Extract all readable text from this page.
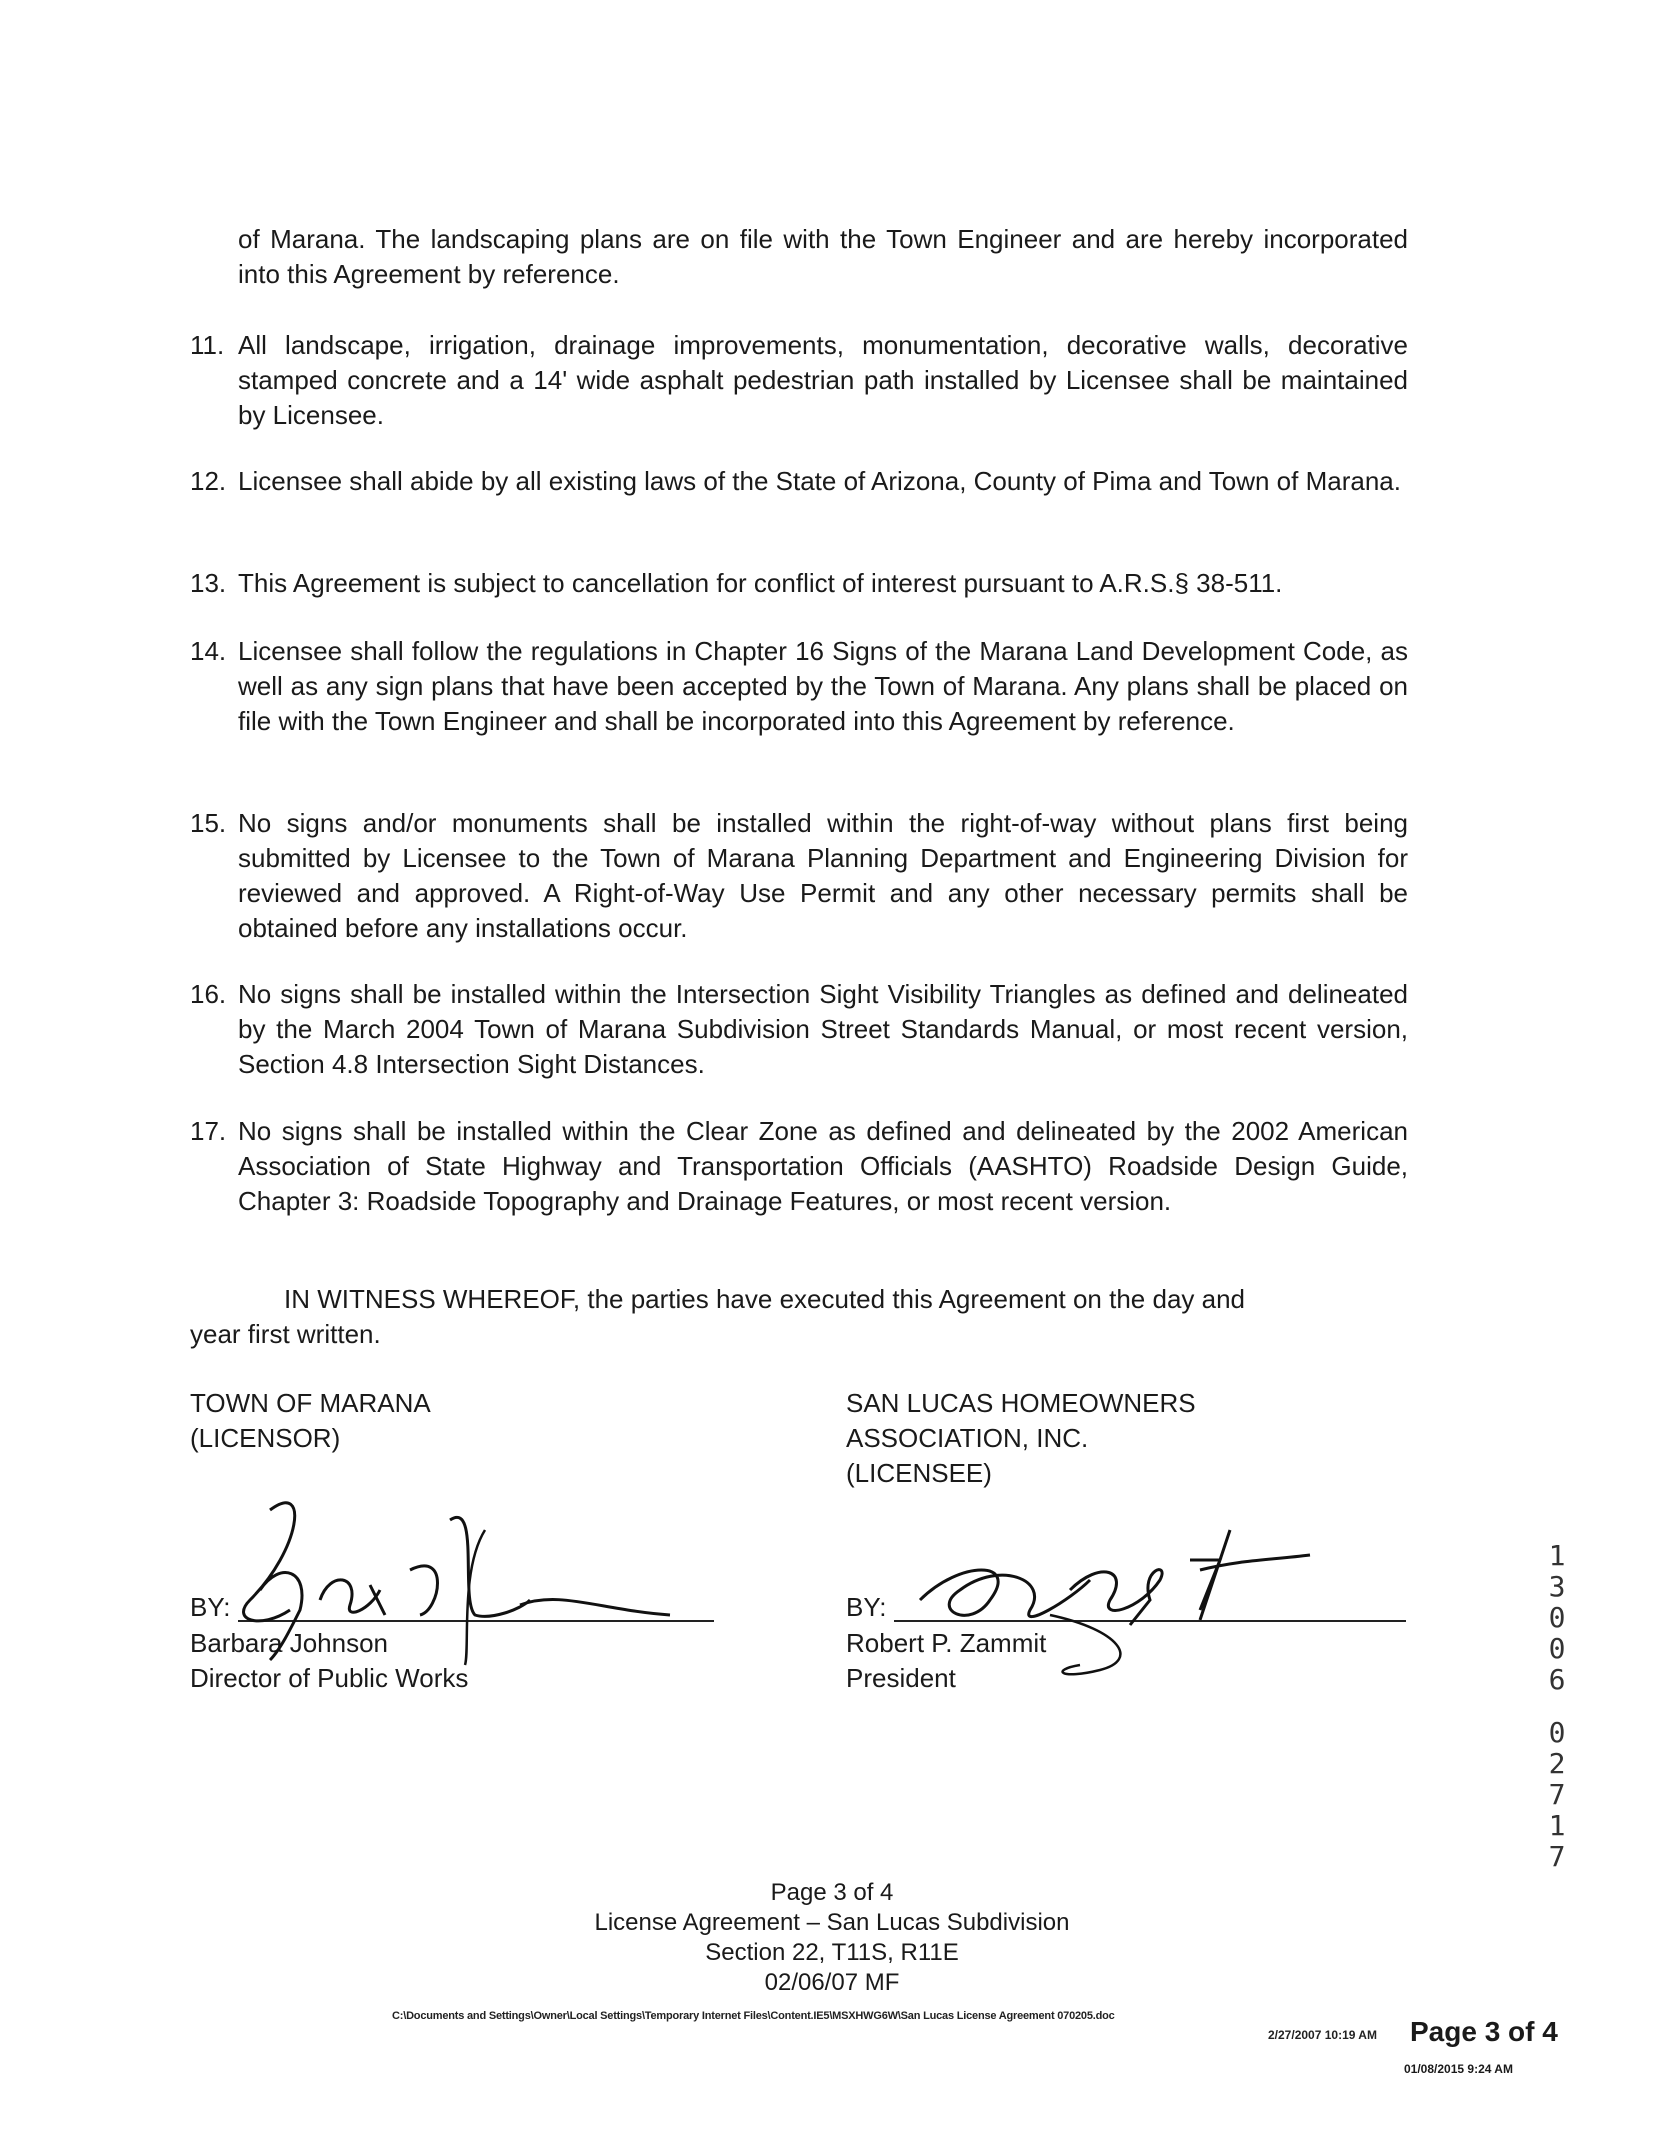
of Marana. The landscaping plans are on file with the Town Engineer and are hereby incorporated into this Agreement by reference.
11. All landscape, irrigation, drainage improvements, monumentation, decorative walls, decorative stamped concrete and a 14' wide asphalt pedestrian path installed by Licensee shall be maintained by Licensee.
12. Licensee shall abide by all existing laws of the State of Arizona, County of Pima and Town of Marana.
13. This Agreement is subject to cancellation for conflict of interest pursuant to A.R.S.§ 38-511.
14. Licensee shall follow the regulations in Chapter 16 Signs of the Marana Land Development Code, as well as any sign plans that have been accepted by the Town of Marana. Any plans shall be placed on file with the Town Engineer and shall be incorporated into this Agreement by reference.
15. No signs and/or monuments shall be installed within the right-of-way without plans first being submitted by Licensee to the Town of Marana Planning Department and Engineering Division for reviewed and approved. A Right-of-Way Use Permit and any other necessary permits shall be obtained before any installations occur.
16. No signs shall be installed within the Intersection Sight Visibility Triangles as defined and delineated by the March 2004 Town of Marana Subdivision Street Standards Manual, or most recent version, Section 4.8 Intersection Sight Distances.
17. No signs shall be installed within the Clear Zone as defined and delineated by the 2002 American Association of State Highway and Transportation Officials (AASHTO) Roadside Design Guide, Chapter 3: Roadside Topography and Drainage Features, or most recent version.
IN WITNESS WHEREOF, the parties have executed this Agreement on the day and
year first written.
TOWN OF MARANA
(LICENSOR)
BY:
Barbara Johnson
Director of Public Works
SAN LUCAS HOMEOWNERS
ASSOCIATION, INC.
(LICENSEE)
BY:
Robert P. Zammit
President
1
3
0
0
6
0
2
7
1
7
Page 3 of 4
License Agreement – San Lucas Subdivision
Section 22, T11S, R11E
02/06/07 MF
C:\Documents and Settings\Owner\Local Settings\Temporary Internet Files\Content.IE5\MSXHWG6W\San Lucas License Agreement 070205.doc
2/27/2007 10:19 AM Page 3 of 4
01/08/2015 9:24 AM
